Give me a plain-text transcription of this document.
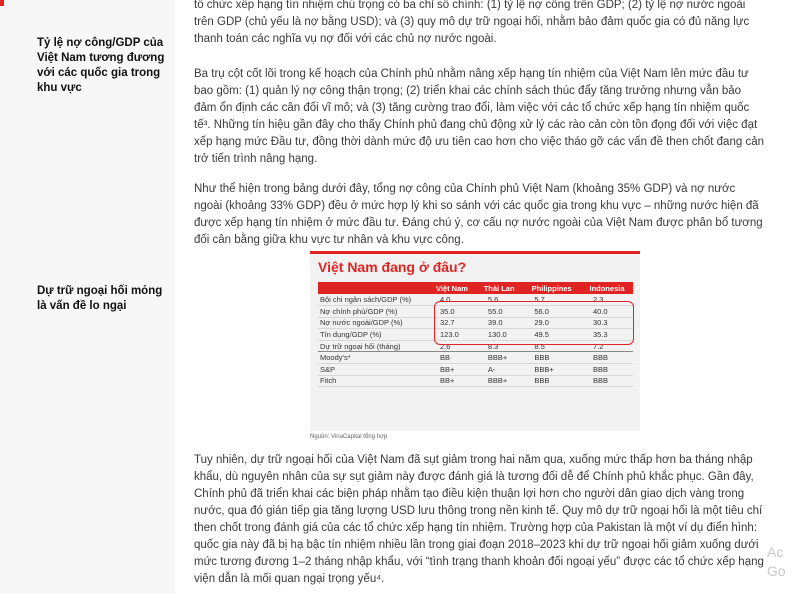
Tỷ lệ nợ công/GDP của Việt Nam tương đương với các quốc gia trong khu vực
Dự trữ ngoại hối mỏng là vấn đề lo ngại

tố chức xếp hạng tín nhiệm chú trọng có ba chỉ số chính: (1) tỷ lệ nợ công trên GDP; (2) tỷ lệ nợ nước ngoài trên GDP (chủ yếu là nợ bằng USD); và (3) quy mô dự trữ ngoại hối, nhằm bảo đảm quốc gia có đủ năng lực thanh toán các nghĩa vụ nợ đối với các chủ nợ nước ngoài.

Ba trụ cột cốt lõi trong kế hoạch của Chính phủ nhằm nâng xếp hạng tín nhiệm của Việt Nam lên mức đầu tư bao gồm: (1) quản lý nợ công thận trọng; (2) triển khai các chính sách thúc đẩy tăng trưởng nhưng vẫn bảo đảm ổn định các cân đối vĩ mô; và (3) tăng cường trao đổi, làm việc với các tổ chức xếp hạng tín nhiệm quốc tế³. Những tín hiệu gần đây cho thấy Chính phủ đang chủ động xử lý các rào cản còn tồn đọng đối với việc đạt xếp hạng mức Đầu tư, đồng thời dành mức độ ưu tiên cao hơn cho việc tháo gỡ các vấn đề then chốt đang cản trở tiến trình nâng hạng.

Như thể hiện trong bảng dưới đây, tổng nợ công của Chính phủ Việt Nam (khoảng 35% GDP) và nợ nước ngoài (khoảng 33% GDP) đều ở mức hợp lý khi so sánh với các quốc gia trong khu vực – những nước hiện đã được xếp hạng tín nhiệm ở mức đầu tư. Đáng chú ý, cơ cấu nợ nước ngoài của Việt Nam được phân bổ tương đối cân bằng giữa khu vực tư nhân và khu vực công.

Tuy nhiên, dự trữ ngoại hối của Việt Nam đã sụt giảm trong hai năm qua, xuống mức thấp hơn ba tháng nhập khẩu, dù nguyên nhân của sự sụt giảm này được đánh giá là tương đối dễ để Chính phủ khắc phục. Gần đây, Chính phủ đã triển khai các biện pháp nhằm tạo điều kiện thuận lợi hơn cho người dân giao dịch vàng trong nước, qua đó gián tiếp gia tăng lượng USD lưu thông trong nền kinh tế. Quy mô dự trữ ngoại hối là một tiêu chí then chốt trong đánh giá của các tổ chức xếp hạng tín nhiệm. Trường hợp của Pakistan là một ví dụ điển hình: quốc gia này đã bị hạ bậc tín nhiệm nhiều lần trong giai đoạn 2018–2023 khi dự trữ ngoại hối giảm xuống dưới mức tương đương 1–2 tháng nhập khẩu, với “tình trạng thanh khoản đối ngoại yếu” được các tổ chức xếp hạng viện dẫn là mối quan ngại trọng yếu⁴.

Việt Nam đang ở đâu?
	Việt Nam	Thái Lan	Philippines	Indonesia
Bội chi ngân sách/GDP (%)	4.0	5.6	5.7	2.3
Nợ chính phủ/GDP (%)	35.0	55.0	56.0	40.0
Nợ nước ngoài/GDP (%)	32.7	39.0	29.0	30.3
Tín dụng/GDP (%)	123.0	130.0	49.5	35.3
Dự trữ ngoại hối (tháng)	2.6	8.3	8.5	7.2
Moody's*	BB	BBB+	BBB	BBB
S&P	BB+	A-	BBB+	BBB
Fitch	BB+	BBB+	BBB	BBB
Nguồn: VinaCapital tổng hợp
Ac
Go
